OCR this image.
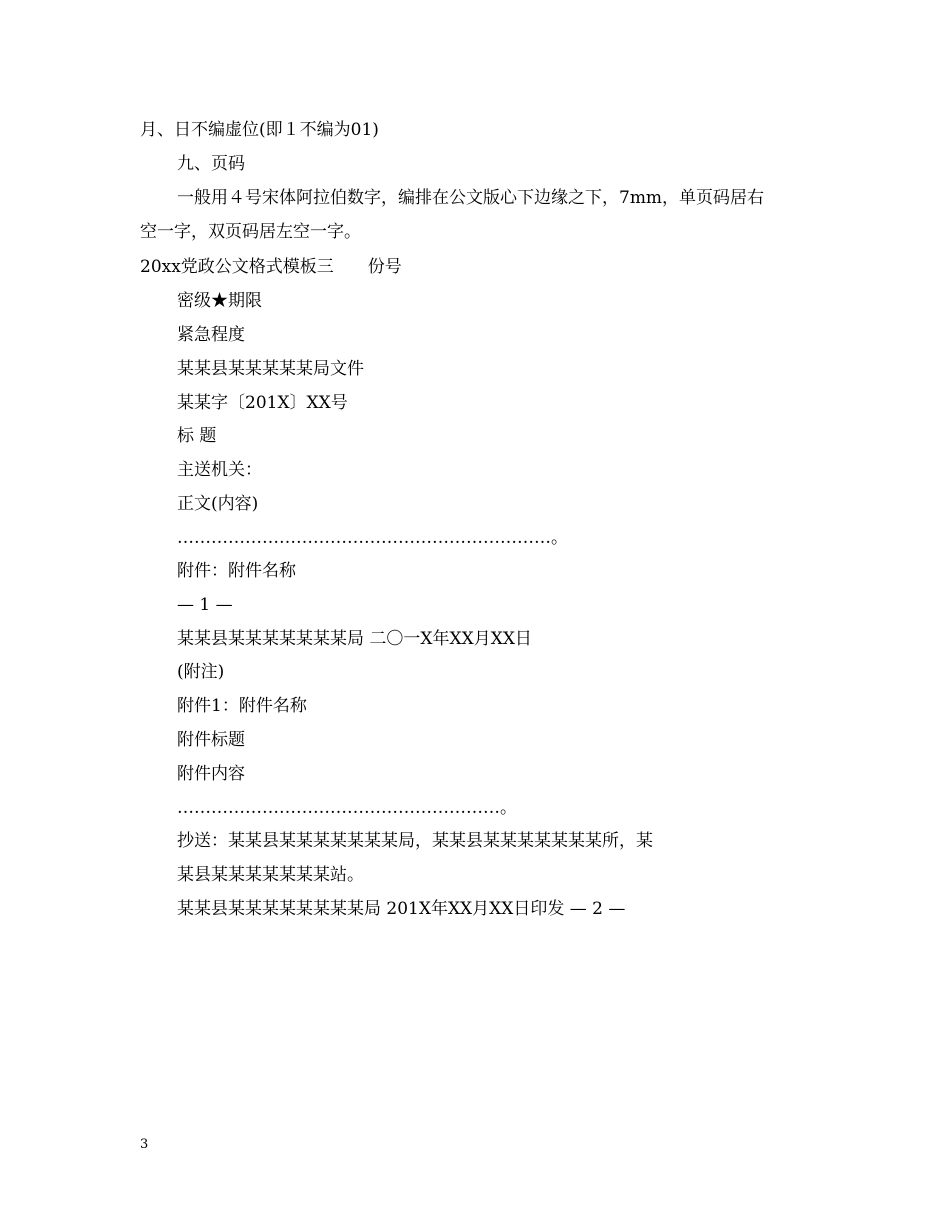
月、日不编虚位(即１不编为01)
九、页码
一般用４号宋体阿拉伯数字，编排在公文版心下边缘之下，7mm，单页码居右
空一字，双页码居左空一字。
20xx党政公文格式模板三　　份号
密级★期限
紧急程度
某某县某某某某某局文件
某某字〔201X〕XX号
标 题
主送机关：
正文(内容)
…………………………………………………………。
附件：附件名称
— 1 —
某某县某某某某某某某局 二〇一X年XX月XX日
(附注)
附件1：附件名称
附件标题
附件内容
…………………………………………………。
抄送：某某县某某某某某某某局，某某县某某某某某某某所，某
某县某某某某某某某站。
某某县某某某某某某某某局 201X年XX月XX日印发 — 2 —
3
